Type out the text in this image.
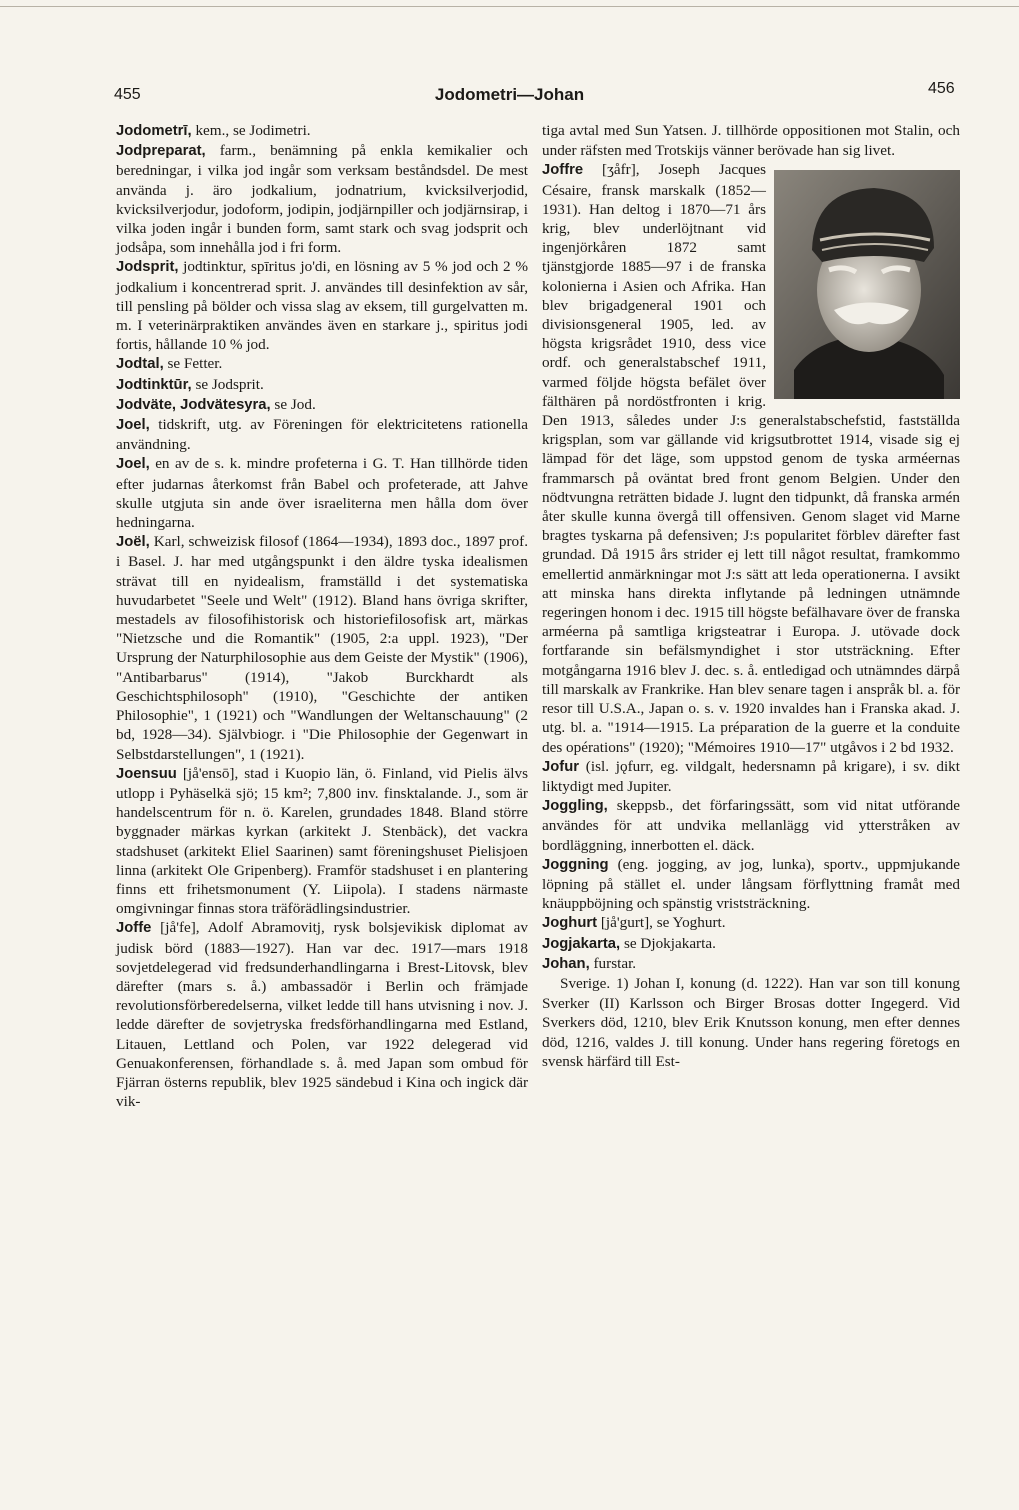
455	Jodometri—Johan	456

Jodometrī, kem., se Jodimetri.

Jodpreparat, farm., benämning på enkla kemikalier och beredningar, i vilka jod ingår som verksam beståndsdel. De mest använda j. äro jodkalium, jodnatrium, kvicksilverjodid, kvicksilverjodur, jodoform, jodipin, jodjärnpiller och jodjärnsirap, i vilka joden ingår i bunden form, samt stark och svag jodsprit och jodsåpa, som innehålla jod i fri form.

Jodsprit, jodtinktur, spīritus jo'di, en lösning av 5 % jod och 2 % jodkalium i koncentrerad sprit. J. användes till desinfektion av sår, till pensling på bölder och vissa slag av eksem, till gurgelvatten m. m. I veterinärpraktiken användes även en starkare j., spiritus jodi fortis, hållande 10 % jod.

Jodtal, se Fetter.

Jodtinktūr, se Jodsprit.

Jodväte, Jodvätesyra, se Jod.

Joel, tidskrift, utg. av Föreningen för elektricitetens rationella användning.

Joel, en av de s. k. mindre profeterna i G. T. Han tillhörde tiden efter judarnas återkomst från Babel och profeterade, att Jahve skulle utgjuta sin ande över israeliterna men hålla dom över hedningarna.

Joël, Karl, schweizisk filosof (1864—1934), 1893 doc., 1897 prof. i Basel. J. har med utgångspunkt i den äldre tyska idealismen strävat till en nyidealism, framställd i det systematiska huvudarbetet "Seele und Welt" (1912). Bland hans övriga skrifter, mestadels av filosofihistorisk och historiefilosofisk art, märkas "Nietzsche und die Romantik" (1905, 2:a uppl. 1923), "Der Ursprung der Naturphilosophie aus dem Geiste der Mystik" (1906), "Antibarbarus" (1914), "Jakob Burckhardt als Geschichtsphilosoph" (1910), "Geschichte der antiken Philosophie", 1 (1921) och "Wandlungen der Weltanschauung" (2 bd, 1928—34). Självbiogr. i "Die Philosophie der Gegenwart in Selbstdarstellungen", 1 (1921).

Joensuu [jå'ensō], stad i Kuopio län, ö. Finland, vid Pielis älvs utlopp i Pyhäselkä sjö; 15 km²; 7,800 inv. finsktalande. J., som är handelscentrum för n. ö. Karelen, grundades 1848. Bland större byggnader märkas kyrkan (arkitekt J. Stenbäck), det vackra stadshuset (arkitekt Eliel Saarinen) samt föreningshuset Pielisjoen linna (arkitekt Ole Gripenberg). Framför stadshuset i en plantering finns ett frihetsmonument (Y. Liipola). I stadens närmaste omgivningar finnas stora träförädlingsindustrier.

Joffe [jå'fe], Adolf Abramovitj, rysk bolsjevikisk diplomat av judisk börd (1883—1927). Han var dec. 1917—mars 1918 sovjetdelegerad vid fredsunderhandlingarna i Brest-Litovsk, blev därefter (mars s. å.) ambassadör i Berlin och främjade revolutionsförberedelserna, vilket ledde till hans utvisning i nov. J. ledde därefter de sovjetryska fredsförhandlingarna med Estland, Litauen, Lettland och Polen, var 1922 delegerad vid Genuakonferensen, förhandlade s. å. med Japan som ombud för Fjärran österns republik, blev 1925 sändebud i Kina och ingick där vik-

tiga avtal med Sun Yatsen. J. tillhörde oppositionen mot Stalin, och under räfsten med Trotskijs vänner berövade han sig livet.

Joffre [ʒåfr], Joseph Jacques Césaire, fransk marskalk (1852—1931). Han deltog i 1870—71 års krig, blev underlöjtnant vid ingenjörkåren 1872 samt tjänstgjorde 1885—97 i de franska kolonierna i Asien och Afrika. Han blev brigadgeneral 1901 och divisionsgeneral 1905, led. av högsta krigsrådet 1910, dess vice ordf. och generalstabschef 1911, varmed följde högsta befälet över fälthären på nordöstfronten i krig. Den 1913, således under J:s generalstabschefstid, fastställda krigsplan, som var gällande vid krigsutbrottet 1914, visade sig ej lämpad för det läge, som uppstod genom de tyska arméernas frammarsch på oväntat bred front genom Belgien. Under den nödtvungna reträtten bidade J. lugnt den tidpunkt, då franska armén åter skulle kunna övergå till offensiven. Genom slaget vid Marne bragtes tyskarna på defensiven; J:s popularitet förblev därefter fast grundad. Då 1915 års strider ej lett till något resultat, framkommo emellertid anmärkningar mot J:s sätt att leda operationerna. I avsikt att minska hans direkta inflytande på ledningen utnämnde regeringen honom i dec. 1915 till högste befälhavare över de franska arméerna på samtliga krigsteatrar i Europa. J. utövade dock fortfarande sin befälsmyndighet i stor utsträckning. Efter motgångarna 1916 blev J. dec. s. å. entledigad och utnämndes därpå till marskalk av Frankrike. Han blev senare tagen i anspråk bl. a. för resor till U.S.A., Japan o. s. v. 1920 invaldes han i Franska akad. J. utg. bl. a. "1914—1915. La préparation de la guerre et la conduite des opérations" (1920); "Mémoires 1910—17" utgåvos i 2 bd 1932.

Jofur (isl. jǫfurr, eg. vildgalt, hedersnamn på krigare), i sv. dikt liktydigt med Jupiter.

Joggling, skeppsb., det förfaringssätt, som vid nitat utförande användes för att undvika mellanlägg vid ytterstråken av bordläggning, innerbotten el. däck.

Joggning (eng. jogging, av jog, lunka), sportv., uppmjukande löpning på stället el. under långsam förflyttning framåt med knäuppböjning och spänstig vriststräckning.

Joghurt [jå'gurt], se Yoghurt.

Jogjakarta, se Djokjakarta.

Johan, furstar.

Sverige. 1) Johan I, konung (d. 1222). Han var son till konung Sverker (II) Karlsson och Birger Brosas dotter Ingegerd. Vid Sverkers död, 1210, blev Erik Knutsson konung, men efter dennes död, 1216, valdes J. till konung. Under hans regering företogs en svensk härfärd till Est-
